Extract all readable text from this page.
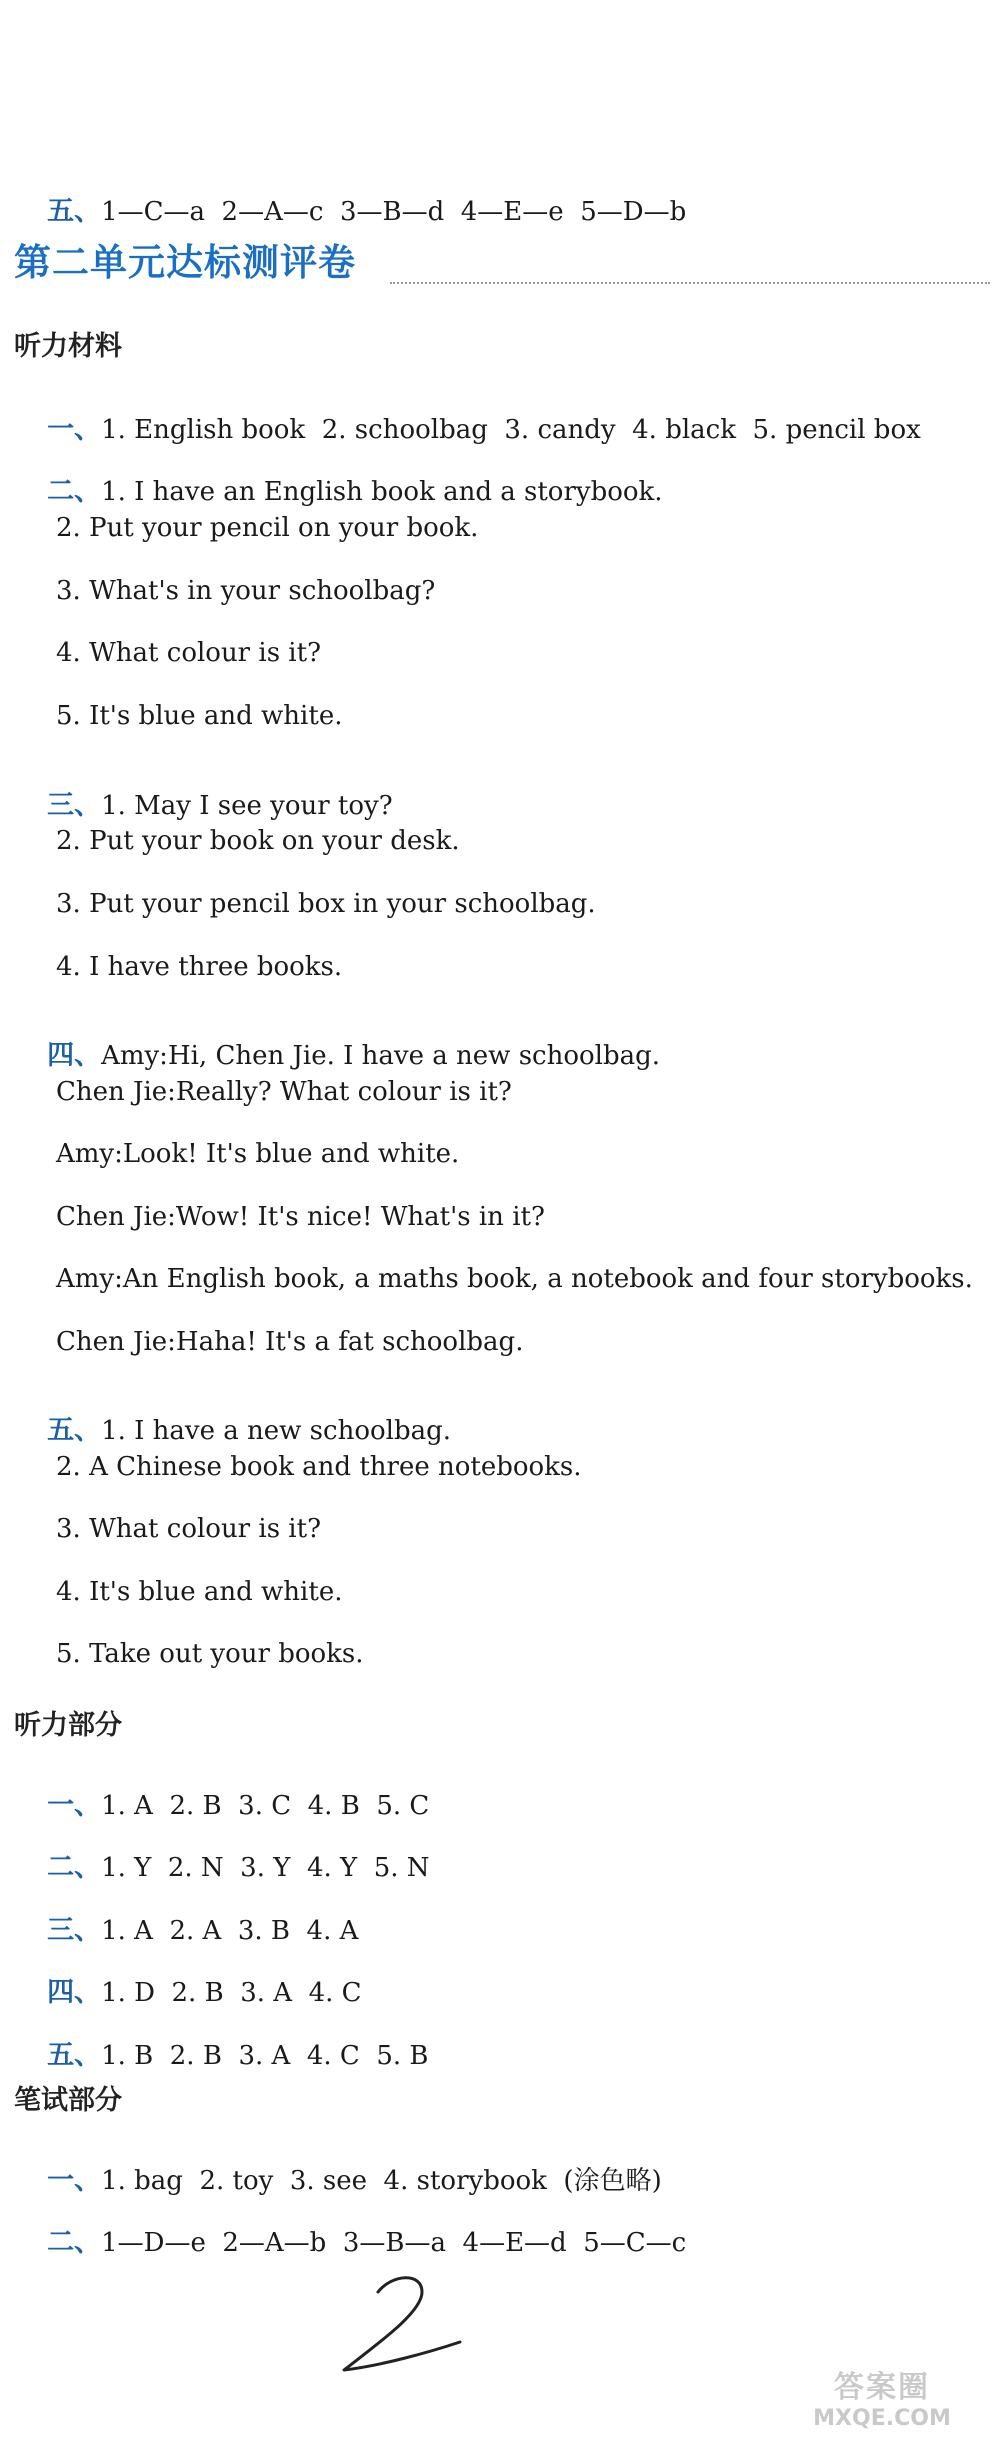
五、1—C—a  2—A—c  3—B—d  4—E—e  5—D—b

第二单元达标测评卷
听力材料

一、1. English book  2. schoolbag  3. candy  4. black  5. pencil box

二、1. I have an English book and a storybook.

2. Put your pencil on your book.
3. What's in your schoolbag?
4. What colour is it?
5. It's blue and white.

三、1. May I see your toy?

2. Put your book on your desk.
3. Put your pencil box in your schoolbag.
4. I have three books.

四、Amy:Hi, Chen Jie. I have a new schoolbag.

Chen Jie:Really? What colour is it?
Amy:Look! It's blue and white.
Chen Jie:Wow! It's nice! What's in it?
Amy:An English book, a maths book, a notebook and four storybooks.
Chen Jie:Haha! It's a fat schoolbag.

五、1. I have a new schoolbag.

2. A Chinese book and three notebooks.
3. What colour is it?
4. It's blue and white.
5. Take out your books.
听力部分

一、1. A  2. B  3. C  4. B  5. C

二、1. Y  2. N  3. Y  4. Y  5. N

三、1. A  2. A  3. B  4. A

四、1. D  2. B  3. A  4. C

五、1. B  2. B  3. A  4. C  5. B

笔试部分

一、1. bag  2. toy  3. see  4. storybook  (涂色略)

二、1—D—e  2—A—b  3—B—a  4—E—d  5—C—c

答案圈
MXQE.COM
